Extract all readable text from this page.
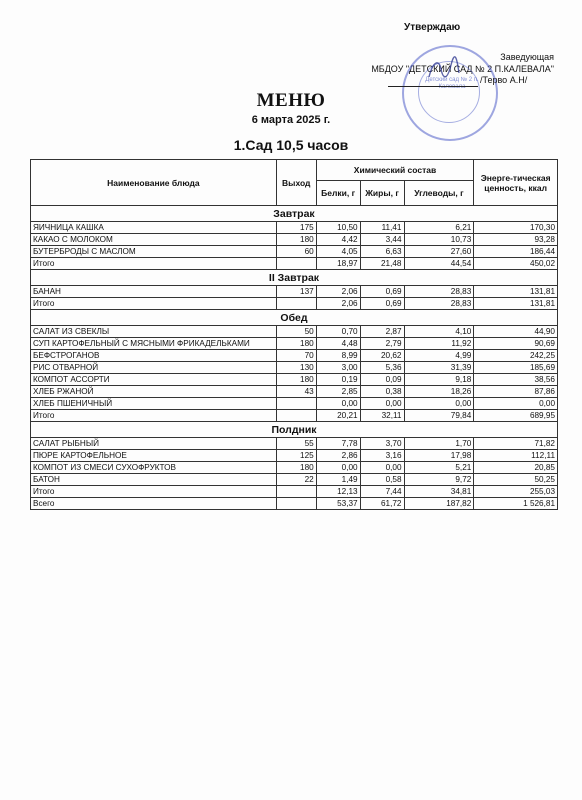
Утверждаю
Заведующая
МБДОУ "ДЕТСКИЙ САД № 2 П.КАЛЕВАЛА"
Детский сад № 2 п. Калевала
/Терво А.Н/
МЕНЮ
6 марта 2025 г.
1.Сад 10,5 часов
Наименование блюда	Выход	Химический состав			Энерге-тическая ценность, ккал
		Белки, г	Жиры, г	Углеводы, г	
Завтрак					
ЯИЧНИЦА КАШКА	175	10,50	11,41	6,21	170,30
КАКАО С МОЛОКОМ	180	4,42	3,44	10,73	93,28
БУТЕРБРОДЫ С МАСЛОМ	60	4,05	6,63	27,60	186,44
Итого		18,97	21,48	44,54	450,02
II Завтрак					
БАНАН	137	2,06	0,69	28,83	131,81
Итого		2,06	0,69	28,83	131,81
Обед					
САЛАТ ИЗ СВЕКЛЫ	50	0,70	2,87	4,10	44,90
СУП КАРТОФЕЛЬНЫЙ С МЯСНЫМИ ФРИКАДЕЛЬКАМИ	180	4,48	2,79	11,92	90,69
БЕФСТРОГАНОВ	70	8,99	20,62	4,99	242,25
РИС ОТВАРНОЙ	130	3,00	5,36	31,39	185,69
КОМПОТ АССОРТИ	180	0,19	0,09	9,18	38,56
ХЛЕБ РЖАНОЙ	43	2,85	0,38	18,26	87,86
ХЛЕБ ПШЕНИЧНЫЙ		0,00	0,00	0,00	0,00
Итого		20,21	32,11	79,84	689,95
Полдник					
САЛАТ РЫБНЫЙ	55	7,78	3,70	1,70	71,82
ПЮРЕ КАРТОФЕЛЬНОЕ	125	2,86	3,16	17,98	112,11
КОМПОТ ИЗ СМЕСИ СУХОФРУКТОВ	180	0,00	0,00	5,21	20,85
БАТОН	22	1,49	0,58	9,72	50,25
Итого		12,13	7,44	34,81	255,03
Всего		53,37	61,72	187,82	1 526,81
